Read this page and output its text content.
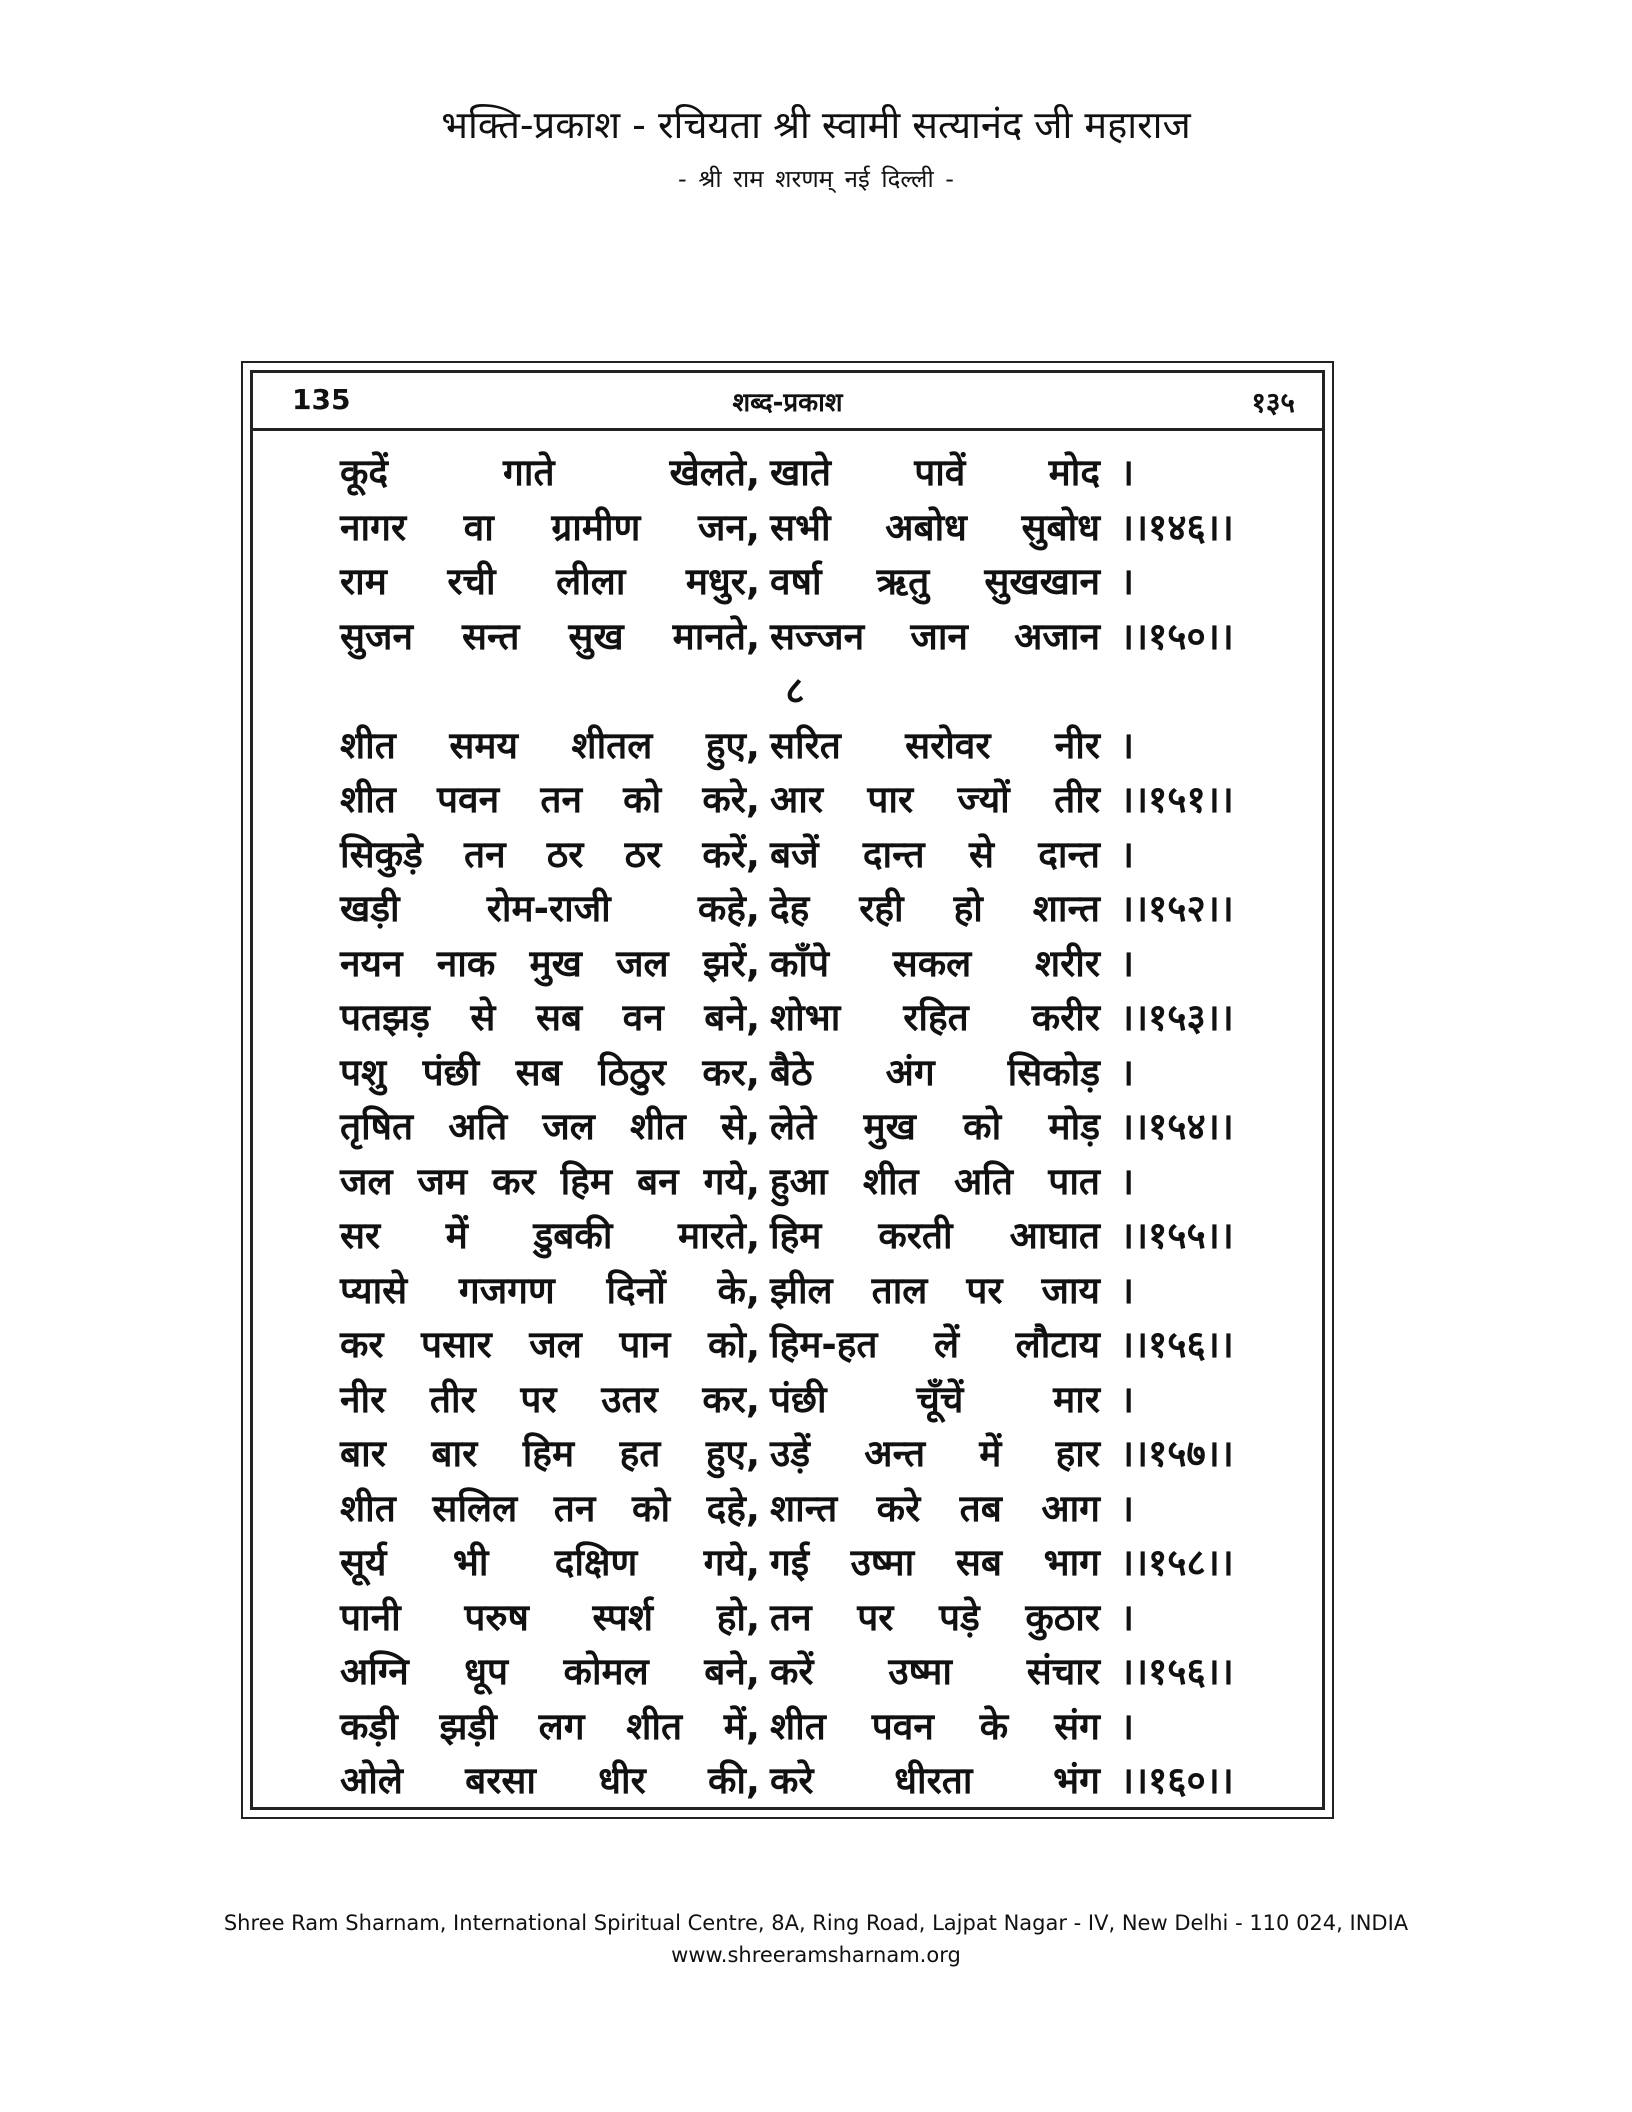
भक्ति-प्रकाश - रचियता श्री स्वामी सत्यानंद जी महाराज
- श्री राम शरणम् नई दिल्ली -
135	शब्द-प्रकाश	१३५
कूदें गाते खेलते, खाते पावें मोद ।
नागर वा ग्रामीण जन, सभी अबोध सुबोध ।।१४६।।
राम रची लीला मधुर, वर्षा ऋतु सुखखान ।
सुजन सन्त सुख मानते, सज्जन जान अजान ।।१५०।।
८
शीत समय शीतल हुए, सरित सरोवर नीर ।
शीत पवन तन को करे, आर पार ज्यों तीर ।।१५१।।
सिकुड़े तन ठर ठर करें, बजें दान्त से दान्त ।
खड़ी रोम-राजी कहे, देह रही हो शान्त ।।१५२।।
नयन नाक मुख जल झरें, काँपे सकल शरीर ।
पतझड़ से सब वन बने, शोभा रहित करीर ।।१५३।।
पशु पंछी सब ठिठुर कर, बैठे अंग सिकोड़ ।
तृषित अति जल शीत से, लेते मुख को मोड़ ।।१५४।।
जल जम कर हिम बन गये, हुआ शीत अति पात ।
सर में डुबकी मारते, हिम करती आघात ।।१५५।।
प्यासे गजगण दिनों के, झील ताल पर जाय ।
कर पसार जल पान को, हिम-हत लें लौटाय ।।१५६।।
नीर तीर पर उतर कर, पंछी चूँचें मार ।
बार बार हिम हत हुए, उड़ें अन्त में हार ।।१५७।।
शीत सलिल तन को दहे, शान्त करे तब आग ।
सूर्य भी दक्षिण गये, गई उष्मा सब भाग ।।१५८।।
पानी परुष स्पर्श हो, तन पर पड़े कुठार ।
अग्नि धूप कोमल बने, करें उष्मा संचार ।।१५६।।
कड़ी झड़ी लग शीत में, शीत पवन के संग ।
ओले बरसा धीर की, करे धीरता भंग ।।१६०।।
Shree Ram Sharnam, International Spiritual Centre, 8A, Ring Road, Lajpat Nagar - IV, New Delhi - 110 024, INDIA
www.shreeramsharnam.org
